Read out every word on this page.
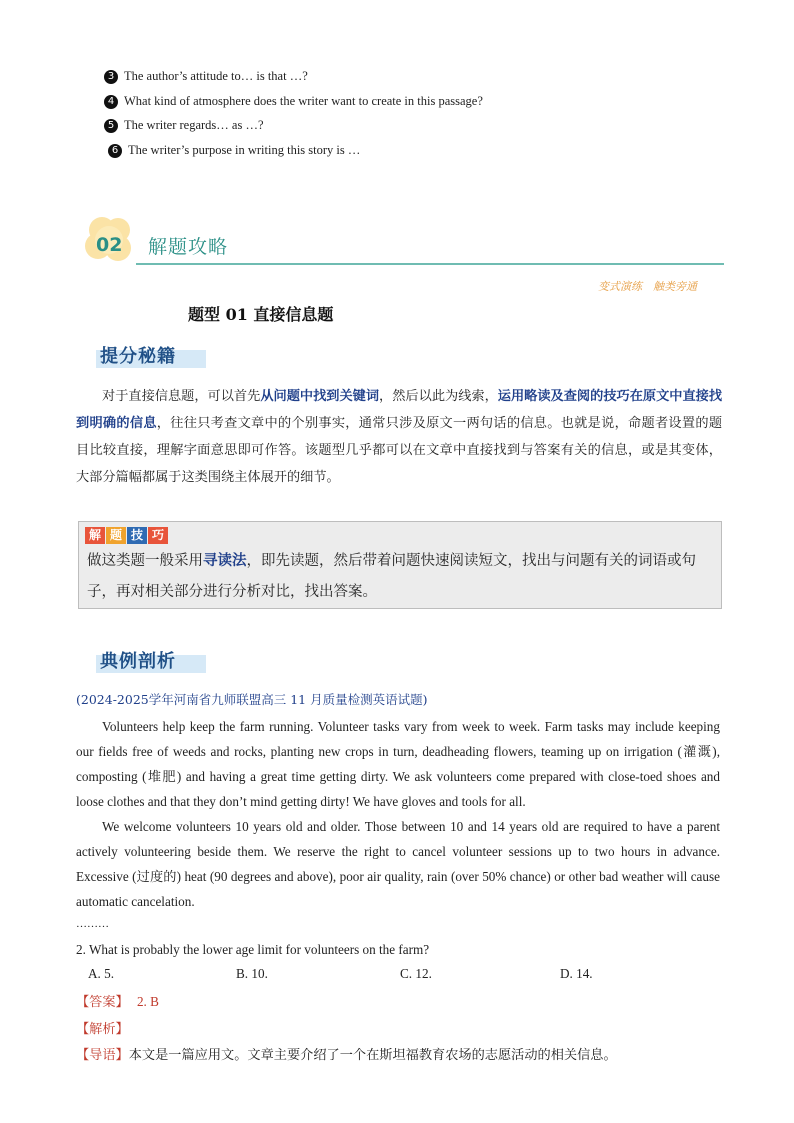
3 The author’s attitude to… is that …?
4 What kind of atmosphere does the writer want to create in this passage?
5 The writer regards… as …?
6 The writer’s purpose in writing this story is …
02 解题攻略
变式演练　触类旁通
题型 01 直接信息题
提分秘籍
对于直接信息题，可以首先从问题中找到关键词，然后以此为线索，运用略读及查阅的技巧在原文中直接找到明确的信息，往往只考查文章中的个别事实，通常只涉及原文一两句话的信息。也就是说，命题者设置的题目比较直接，理解字面意思即可作答。该题型几乎都可以在文章中直接找到与答案有关的信息，或是其变体，大部分篇幅都属于这类围绕主体展开的细节。
解 题 技 巧
做这类题一般采用寻读法，即先读题，然后带着问题快速阅读短文，找出与问题有关的词语或句子，再对相关部分进行分析对比，找出答案。
典例剖析
(2024-2025学年河南省九师联盟高三 11 月质量检测英语试题)
Volunteers help keep the farm running. Volunteer tasks vary from week to week. Farm tasks may include keeping our fields free of weeds and rocks, planting new crops in turn, deadheading flowers, teaming up on irrigation (灌溉), composting (堆肥) and having a great time getting dirty. We ask volunteers come prepared with close-toed shoes and loose clothes and that they don’t mind getting dirty! We have gloves and tools for all.
We welcome volunteers 10 years old and older. Those between 10 and 14 years old are required to have a parent actively volunteering beside them. We reserve the right to cancel volunteer sessions up to two hours in advance. Excessive (过度的) heat (90 degrees and above), poor air quality, rain (over 50% chance) or other bad weather will cause automatic cancelation.
………
2. What is probably the lower age limit for volunteers on the farm?
A. 5.	B. 10.	C. 12.	D. 14.
【答案】 2. B
【解析】
【导语】本文是一篇应用文。文章主要介绍了一个在斯坦福教育农场的志愿活动的相关信息。
